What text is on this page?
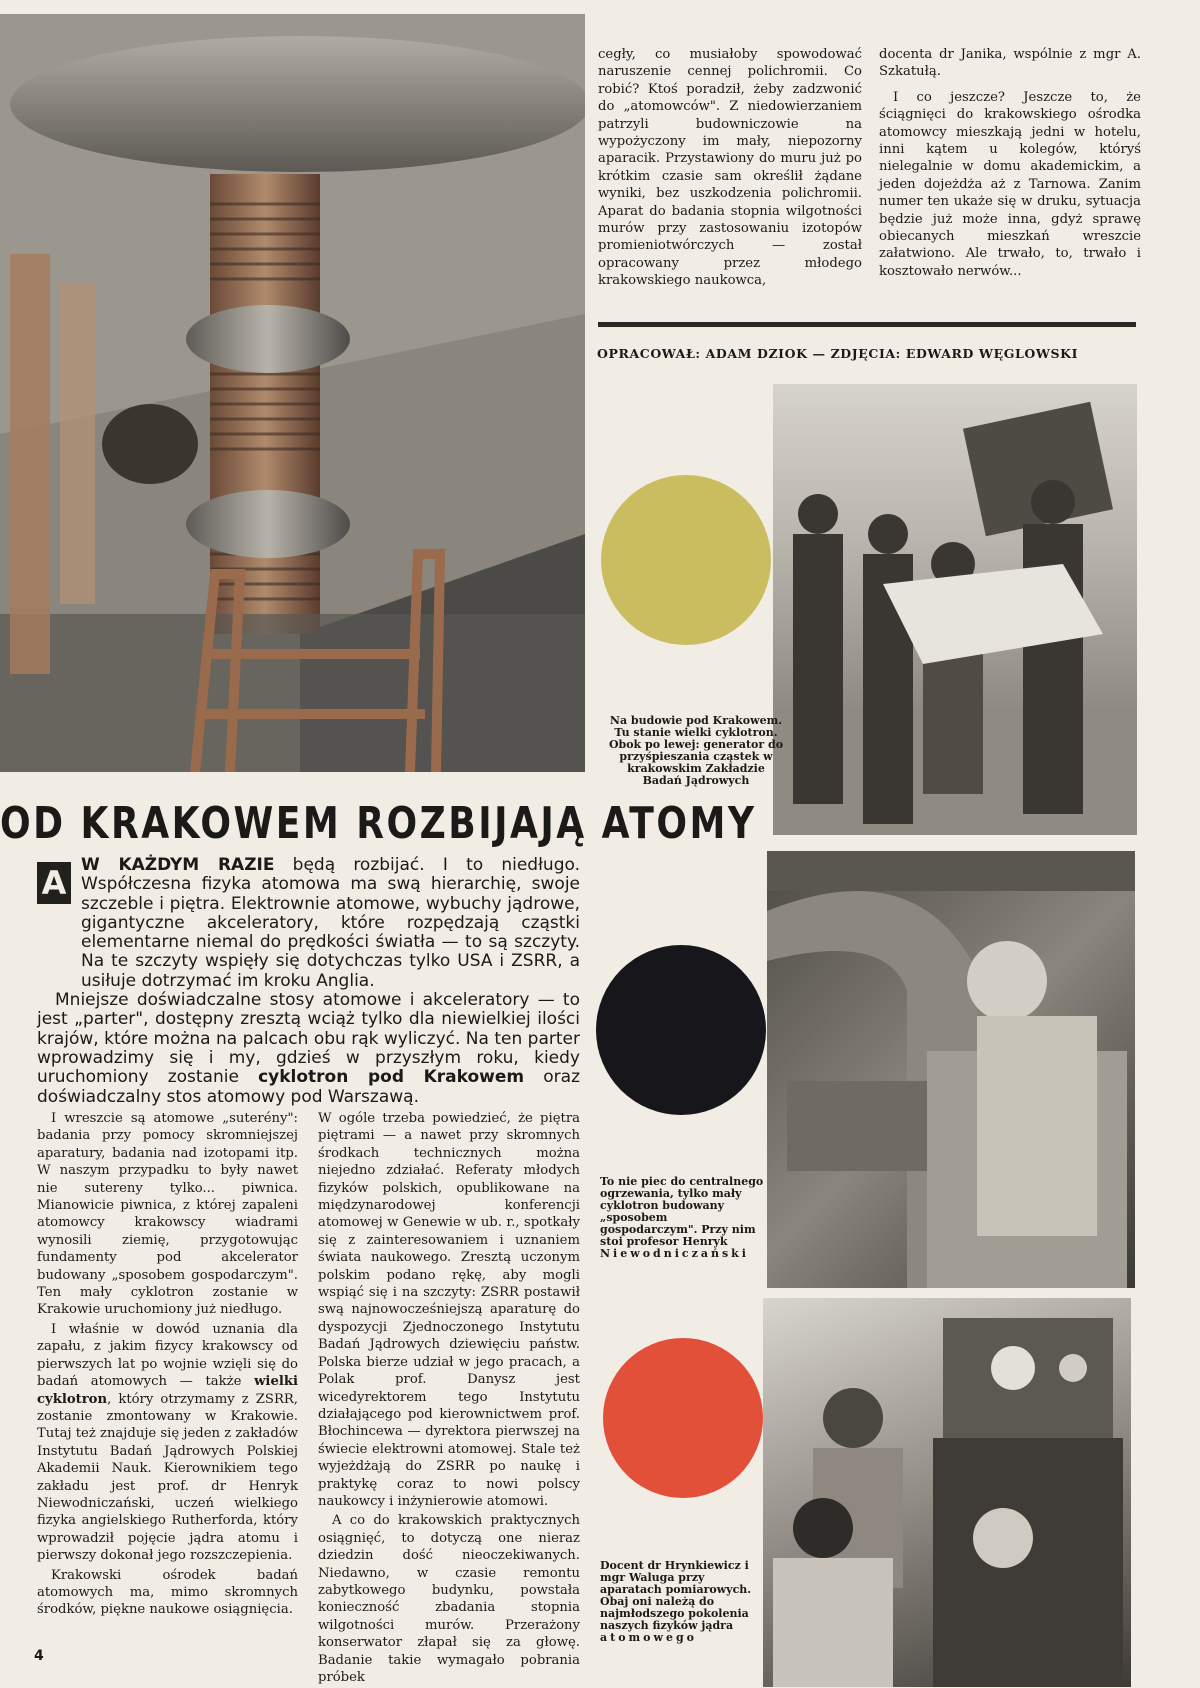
cegły, co musiałoby spowodować naruszenie cennej polichromii. Co robić? Ktoś poradził, żeby zadzwonić do „atomowców". Z niedowierzaniem patrzyli budowniczowie na wypożyczony im mały, niepozorny aparacik. Przystawiony do muru już po krótkim czasie sam określił żądane wyniki, bez uszkodzenia polichromii. Aparat do badania stopnia wilgotności murów przy zastosowaniu izotopów promieniotwórczych — został opracowany przez młodego krakowskiego naukowca,

docenta dr Janika, wspólnie z mgr A. Szkatułą.

I co jeszcze? Jeszcze to, że ściągnięci do krakowskiego ośrodka atomowcy mieszkają jedni w hotelu, inni kątem u kolegów, któryś nielegalnie w domu akademickim, a jeden dojeżdża aż z Tarnowa. Zanim numer ten ukaże się w druku, sytuacja będzie już może inna, gdyż sprawę obiecanych mieszkań wreszcie załatwiono. Ale trwało, to, trwało i kosztowało nerwów...

OPRACOWAŁ: ADAM DZIOK — ZDJĘCIA: EDWARD WĘGLOWSKI
Na budowie pod Krakowem. Tu stanie wielki cyklotron. Obok po lewej: generator do przyśpieszania cząstek w krakowskim Zakładzie Badań Jądrowych
OD KRAKOWEM ROZBIJAJĄ ATOMY
A W KAŻDYM RAZIE będą rozbijać. I to niedługo. Współczesna fizyka atomowa ma swą hierarchię, swoje szczeble i piętra. Elektrownie atomowe, wybuchy jądrowe, gigantyczne akceleratory, które rozpędzają cząstki elementarne niemal do prędkości światła — to są szczyty. Na te szczyty wspięły się dotychczas tylko USA i ZSRR, a usiłuje dotrzymać im kroku Anglia.

Mniejsze doświadczalne stosy atomowe i akceleratory — to jest „parter", dostępny zresztą wciąż tylko dla niewielkiej ilości krajów, które można na palcach obu rąk wyliczyć. Na ten parter wprowadzimy się i my, gdzieś w przyszłym roku, kiedy uruchomiony zostanie cyklotron pod Krakowem oraz doświadczalny stos atomowy pod Warszawą.

I wreszcie są atomowe „suterény": badania przy pomocy skromniejszej aparatury, badania nad izotopami itp. W naszym przypadku to były nawet nie sutereny tylko... piwnica. Mianowicie piwnica, z której zapaleni atomowcy krakowscy wiadrami wynosili ziemię, przygotowując fundamenty pod akcelerator budowany „sposobem gospodarczym". Ten mały cyklotron zostanie w Krakowie uruchomiony już niedługo.

I właśnie w dowód uznania dla zapału, z jakim fizycy krakowscy od pierwszych lat po wojnie wzięli się do badań atomowych — także wielki cyklotron, który otrzymamy z ZSRR, zostanie zmontowany w Krakowie. Tutaj też znajduje się jeden z zakładów Instytutu Badań Jądrowych Polskiej Akademii Nauk. Kierownikiem tego zakładu jest prof. dr Henryk Niewodniczański, uczeń wielkiego fizyka angielskiego Rutherforda, który wprowadził pojęcie jądra atomu i pierwszy dokonał jego rozszczepienia.

Krakowski ośrodek badań atomowych ma, mimo skromnych środków, piękne naukowe osiągnięcia.

W ogóle trzeba powiedzieć, że piętra piętrami — a nawet przy skromnych środkach technicznych można niejedno zdziałać. Referaty młodych fizyków polskich, opublikowane na międzynarodowej konferencji atomowej w Genewie w ub. r., spotkały się z zainteresowaniem i uznaniem świata naukowego. Zresztą uczonym polskim podano rękę, aby mogli wspiąć się i na szczyty: ZSRR postawił swą najnowocześniejszą aparaturę do dyspozycji Zjednoczonego Instytutu Badań Jądrowych dziewięciu państw. Polska bierze udział w jego pracach, a Polak prof. Danysz jest wicedyrektorem tego Instytutu działającego pod kierownictwem prof. Błochincewa — dyrektora pierwszej na świecie elektrowni atomowej. Stale też wyjeżdżają do ZSRR po naukę i praktykę coraz to nowi polscy naukowcy i inżynierowie atomowi.

A co do krakowskich praktycznych osiągnięć, to dotyczą one nieraz dziedzin dość nieoczekiwanych. Niedawno, w czasie remontu zabytkowego budynku, powstała konieczność zbadania stopnia wilgotności murów. Przerażony konserwator złapał się za głowę. Badanie takie wymagało pobrania próbek

To nie piec do centralnego ogrzewania, tylko mały cyklotron budowany „sposobem gospodarczym". Przy nim stoi profesor Henryk Niewodniczański
Docent dr Hrynkiewicz i mgr Waluga przy aparatach pomiarowych. Obaj oni należą do najmłodszego pokolenia naszych fizyków jądra atomowego
4
